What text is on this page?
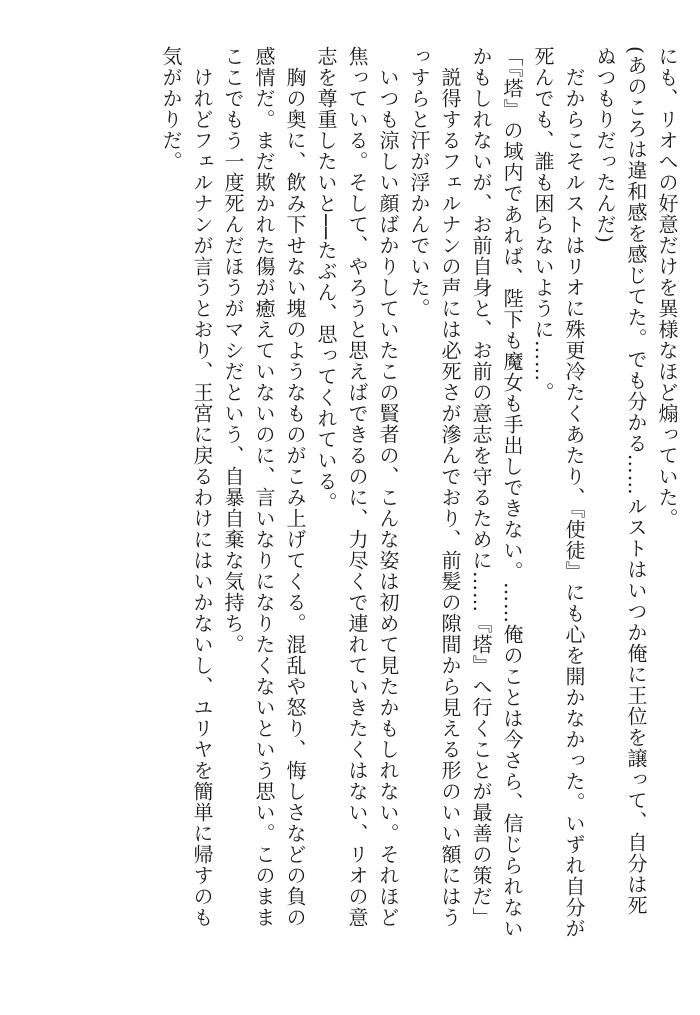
にも、リオへの好意だけを異様なほど煽っていた。

(あのころは違和感を感じてた。でも分かる……ルストはいつか俺に王位を譲って、自分は死

ぬつもりだったんだ)

　だからこそルストはリオに殊更冷たくあたり、『使徒』にも心を開かなかった。いずれ自分が

死んでも、誰も困らないように……。

「『塔』の域内であれば、陛下も魔女も手出しできない。……俺のことは今さら、信じられない

かもしれないが、お前自身と、お前の意志を守るために……『塔』へ行くことが最善の策だ」

　説得するフェルナンの声には必死さが滲んでおり、前髪の隙間から見える形のいい額にはう

っすらと汗が浮かんでいた。

　いつも涼しい顔ばかりしていたこの賢者の、こんな姿は初めて見たかもしれない。それほど

焦っている。そして、やろうと思えばできるのに、力尽くで連れていきたくはない、リオの意

志を尊重したいと──たぶん、思ってくれている。

　胸の奥に、飲み下せない塊のようなものがこみ上げてくる。混乱や怒り、悔しさなどの負の

感情だ。まだ欺かれた傷が癒えていないのに、言いなりになりたくないという思い。このまま

ここでもう一度死んだほうがマシだという、自暴自棄な気持ち。

　けれどフェルナンが言うとおり、王宮に戻るわけにはいかないし、ユリヤを簡単に帰すのも

気がかりだ。
